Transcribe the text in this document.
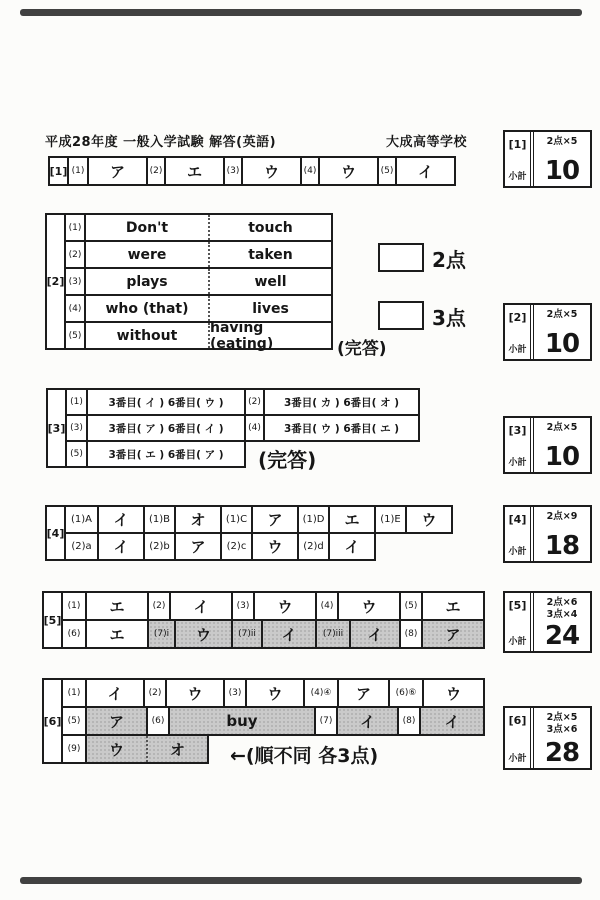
平成28年度 一般入学試験 解答(英語)	大成高等学校
[1] (1)	ア	(2)	エ	(3)	ウ	(4)	ウ	(5)	イ
[2]
(1)	Don't	touch
(2)	were	taken
(3)	plays	well
(4)	who (that)	lives
(5)	without	having (eating)	(完答)
2点
3点
[3]
(1)	3番目( イ ) 6番目( ウ )	(2)	3番目( カ ) 6番目( オ )
(3)	3番目( ア ) 6番目( イ )	(4)	3番目( ウ ) 6番目( エ )
(5)	3番目( エ ) 6番目( ア )	(完答)
[4]
(1)A	イ	(1)B	オ	(1)C	ア	(1)D	エ	(1)E	ウ
(2)a	イ	(2)b	ア	(2)c	ウ	(2)d	イ
[5]
(1)	エ	(2)	イ	(3)	ウ	(4)	ウ	(5)	エ
(6)	エ	(7)i	ウ	(7)ii	イ	(7)iii	イ	(8)	ア
[6]
(1)	イ	(2)	ウ	(3)	ウ	(4)④	ア	(6)⑥	ウ
(5)	ア	(6)	buy	(7)	イ	(8)	イ
(9)	ウ	オ	←(順不同 各3点)
[1]
小計
2点×5
10
[2]
小計
2点×5
10
[3]
小計
2点×5
10
[4]
小計
2点×9
18
[5]
小計
2点×6
3点×4
24
[6]
小計
2点×5
3点×6
28
